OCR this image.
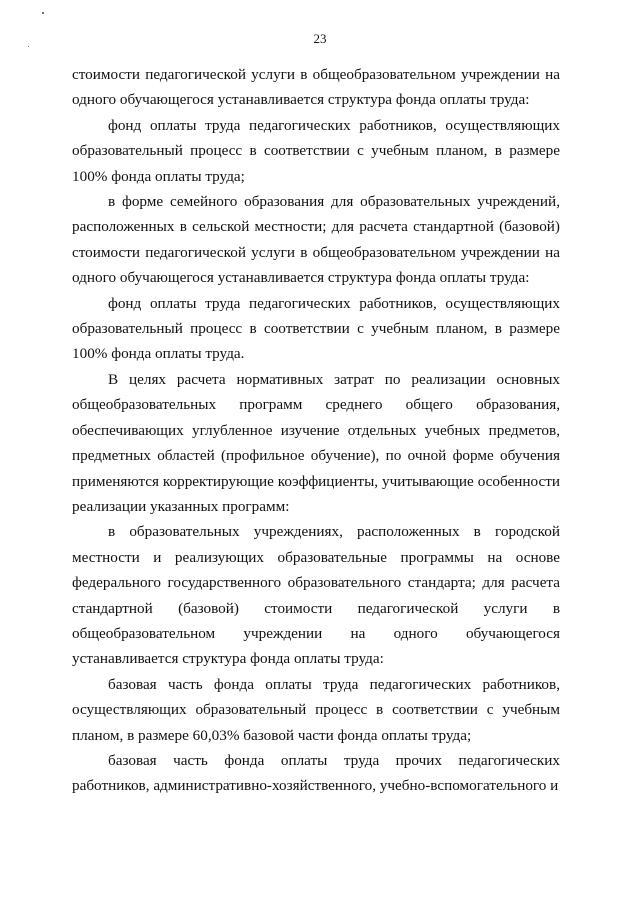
23

стоимости педагогической услуги в общеобразовательном учреждении на одного обучающегося устанавливается структура фонда оплаты труда:

фонд оплаты труда педагогических работников, осуществляющих образовательный процесс в соответствии с учебным планом, в размере 100% фонда оплаты труда;

в форме семейного образования для образовательных учреждений, расположенных в сельской местности; для расчета стандартной (базовой) стоимости педагогической услуги в общеобразовательном учреждении на одного обучающегося устанавливается структура фонда оплаты труда:

фонд оплаты труда педагогических работников, осуществляющих образовательный процесс в соответствии с учебным планом, в размере 100% фонда оплаты труда.

В целях расчета нормативных затрат по реализации основных общеобразовательных программ среднего общего образования, обеспечивающих углубленное изучение отдельных учебных предметов, предметных областей (профильное обучение), по очной форме обучения применяются корректирующие коэффициенты, учитывающие особенности реализации указанных программ:

в образовательных учреждениях, расположенных в городской местности и реализующих образовательные программы на основе федерального государственного образовательного стандарта; для расчета стандартной (базовой) стоимости педагогической услуги в общеобразовательном учреждении на одного обучающегося устанавливается структура фонда оплаты труда:

базовая часть фонда оплаты труда педагогических работников, осуществляющих образовательный процесс в соответствии с учебным планом, в размере 60,03% базовой части фонда оплаты труда;

базовая часть фонда оплаты труда прочих педагогических работников, административно-хозяйственного, учебно-вспомогательного и
